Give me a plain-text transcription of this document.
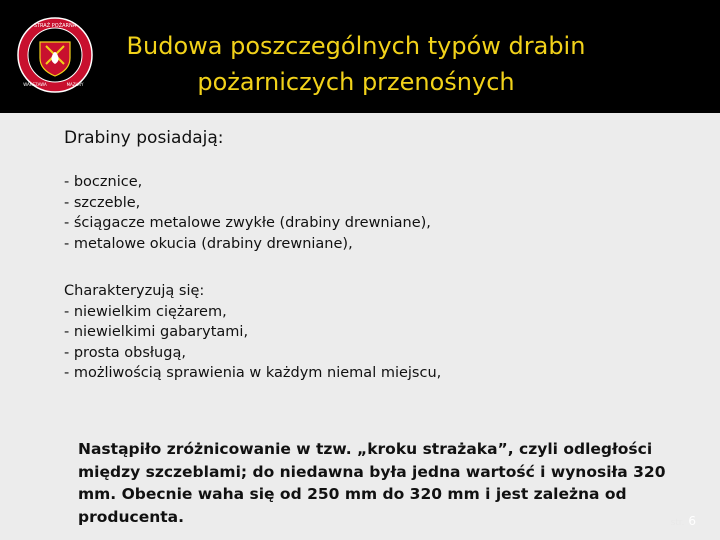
STRAŻ POŻARNA
WARSZAWA	MAZURY
Budowa poszczególnych typów drabin
pożarniczych przenośnych
Drabiny posiadają:
- bocznice,
- szczeble,
- ściągacze metalowe zwykłe (drabiny drewniane),
- metalowe okucia (drabiny drewniane),
Charakteryzują się:
- niewielkim ciężarem,
- niewielkimi gabarytami,
- prosta obsługą,
- możliwością sprawienia w każdym niemal miejscu,
Nastąpiło zróżnicowanie w tzw. „kroku strażaka”, czyli odległości między szczeblami; do niedawna była jedna wartość i wynosiła 320 mm. Obecnie waha się od 250 mm do 320 mm i jest zależna od producenta.	str. 6
